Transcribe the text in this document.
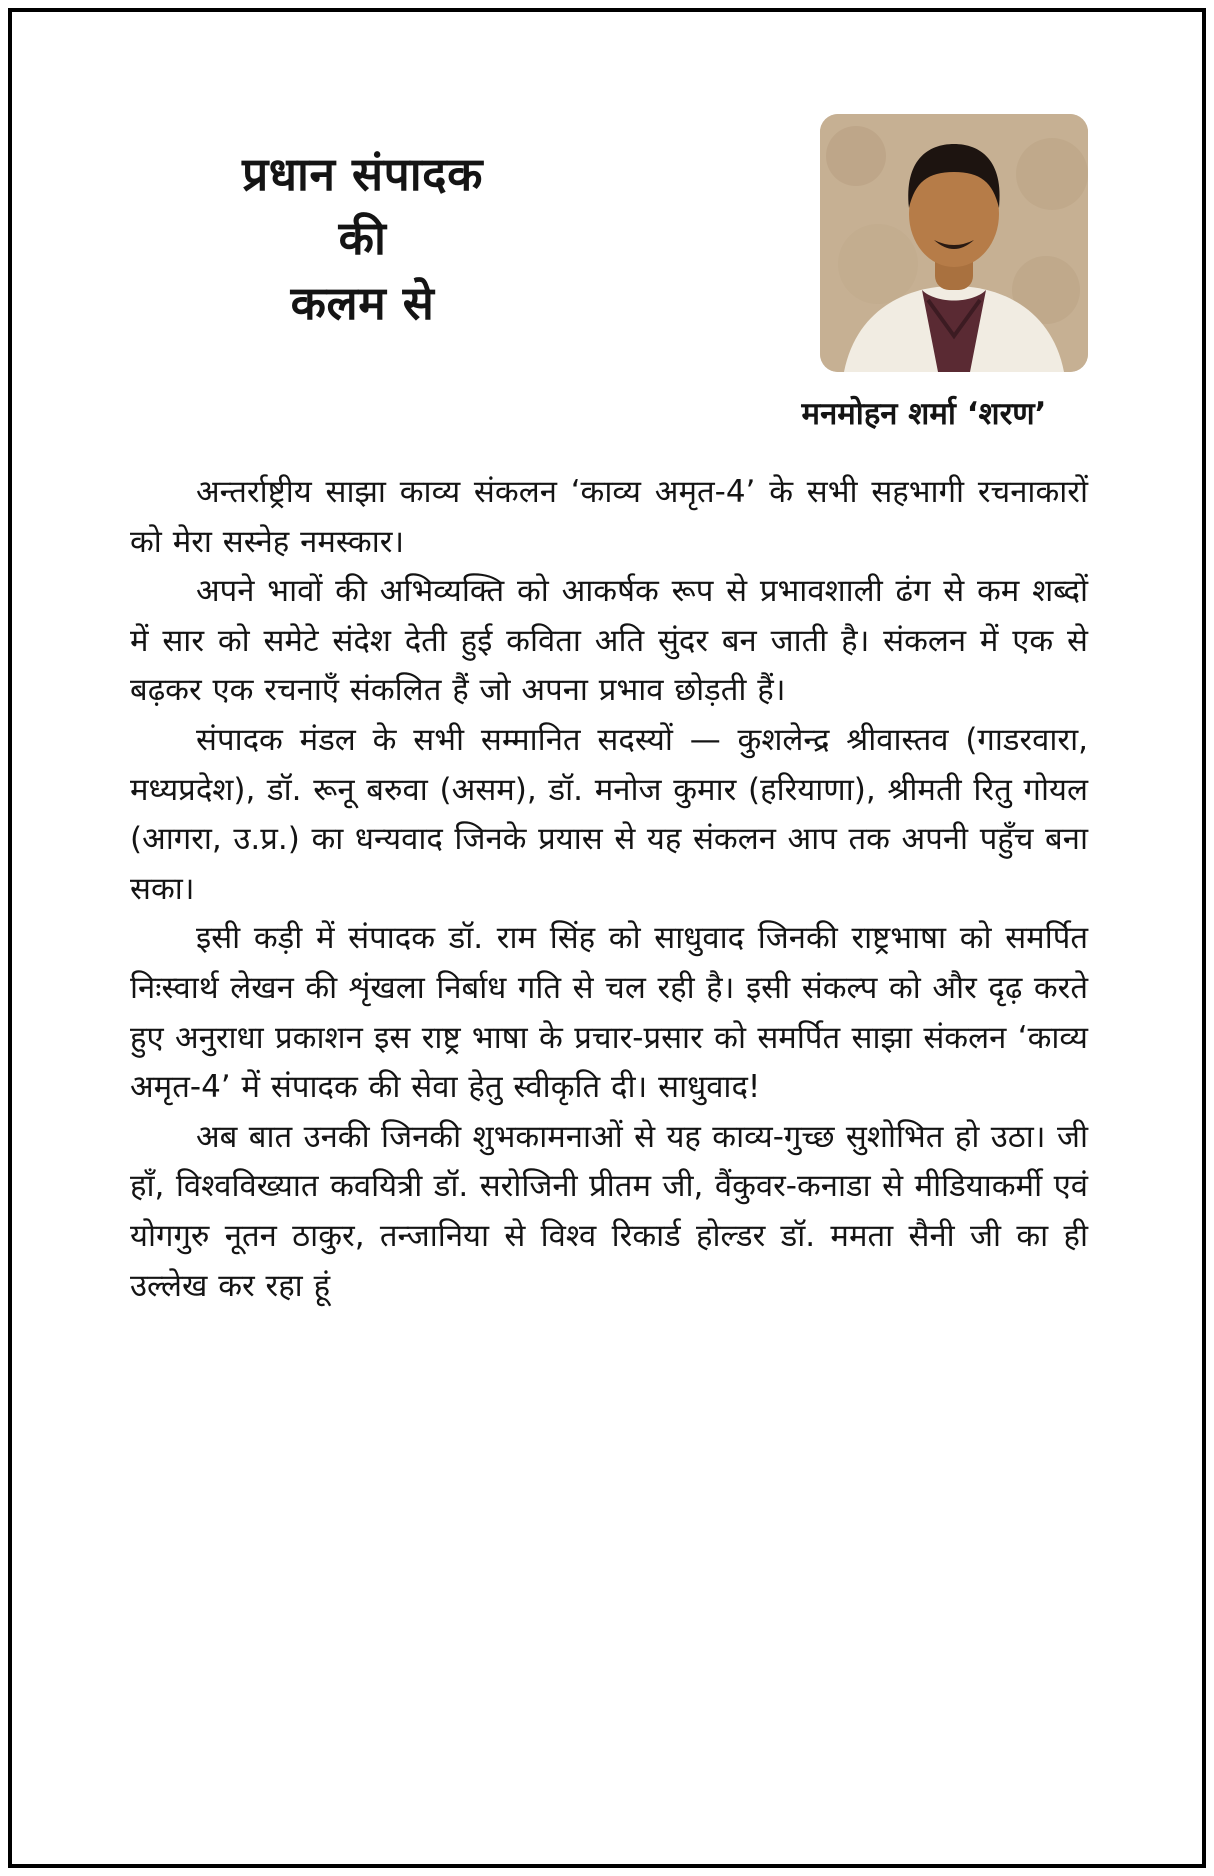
प्रधान संपादक
की
कलम से
मनमोहन शर्मा ‘शरण’

अन्तर्राष्ट्रीय साझा काव्य संकलन ‘काव्य अमृत-4’ के सभी सहभागी रचनाकारों को मेरा सस्नेह नमस्कार।

अपने भावों की अभिव्यक्ति को आकर्षक रूप से प्रभावशाली ढंग से कम शब्दों में सार को समेटे संदेश देती हुई कविता अति सुंदर बन जाती है। संकलन में एक से बढ़कर एक रचनाएँ संकलित हैं जो अपना प्रभाव छोड़ती हैं।

संपादक मंडल के सभी सम्मानित सदस्यों — कुशलेन्द्र श्रीवास्तव (गाडरवारा, मध्यप्रदेश), डॉ. रूनू बरुवा (असम), डॉ. मनोज कुमार (हरियाणा), श्रीमती रितु गोयल (आगरा, उ.प्र.) का धन्यवाद जिनके प्रयास से यह संकलन आप तक अपनी पहुँच बना सका।

इसी कड़ी में संपादक डॉ. राम सिंह को साधुवाद जिनकी राष्ट्रभाषा को समर्पित निःस्वार्थ लेखन की शृंखला निर्बाध गति से चल रही है। इसी संकल्प को और दृढ़ करते हुए अनुराधा प्रकाशन इस राष्ट्र भाषा के प्रचार-प्रसार को समर्पित साझा संकलन ‘काव्य अमृत-4’ में संपादक की सेवा हेतु स्वीकृति दी। साधुवाद!

अब बात उनकी जिनकी शुभकामनाओं से यह काव्य-गुच्छ सुशोभित हो उठा। जी हाँ, विश्वविख्यात कवयित्री डॉ. सरोजिनी प्रीतम जी, वैंकुवर-कनाडा से मीडियाकर्मी एवं योगगुरु नूतन ठाकुर, तन्जानिया से विश्व रिकार्ड होल्डर डॉ. ममता सैनी जी का ही उल्लेख कर रहा हूं
